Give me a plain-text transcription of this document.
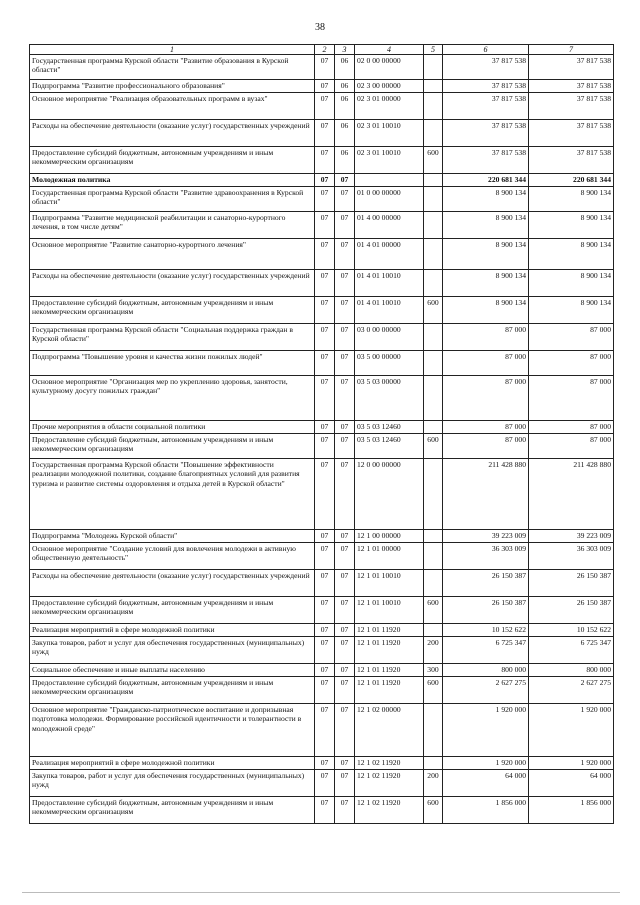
38
1	2	3	4	5	6	7
Государственная программа Курской области "Развитие образования в Курской области"	07	06	02 0 00 00000		37 817 538	37 817 538
Подпрограмма "Развитие профессионального образования"	07	06	02 3 00 00000		37 817 538	37 817 538
Основное мероприятие "Реализация образовательных программ в вузах"	07	06	02 3 01 00000		37 817 538	37 817 538
Расходы на обеспечение деятельности (оказание услуг) государственных учреждений	07	06	02 3 01 10010		37 817 538	37 817 538
Предоставление субсидий бюджетным, автономным учреждениям и иным некоммерческим организациям	07	06	02 3 01 10010	600	37 817 538	37 817 538
Молодежная политика	07	07			220 681 344	220 681 344
Государственная программа Курской области "Развитие здравоохранения в Курской области"	07	07	01 0 00 00000		8 900 134	8 900 134
Подпрограмма "Развитие медицинской реабилитации и санаторно-курортного лечения, в том числе детям"	07	07	01 4 00 00000		8 900 134	8 900 134
Основное мероприятие "Развитие санаторно-курортного лечения"	07	07	01 4 01 00000		8 900 134	8 900 134
Расходы на обеспечение деятельности (оказание услуг) государственных учреждений	07	07	01 4 01 10010		8 900 134	8 900 134
Предоставление субсидий бюджетным, автономным учреждениям и иным некоммерческим организациям	07	07	01 4 01 10010	600	8 900 134	8 900 134
Государственная программа Курской области "Социальная поддержка граждан в Курской области"	07	07	03 0 00 00000		87 000	87 000
Подпрограмма "Повышение уровня и качества жизни пожилых людей"	07	07	03 5 00 00000		87 000	87 000
Основное мероприятие "Организация мер по укреплению здоровья, занятости, культурному досугу пожилых граждан"	07	07	03 5 03 00000		87 000	87 000
Прочие мероприятия в области социальной политики	07	07	03 5 03 12460		87 000	87 000
Предоставление субсидий бюджетным, автономным учреждениям и иным некоммерческим организациям	07	07	03 5 03 12460	600	87 000	87 000
Государственная программа Курской области "Повышение эффективности реализации молодежной политики, создание благоприятных условий для развития туризма и развитие системы оздоровления и отдыха детей в Курской области"	07	07	12 0 00 00000		211 428 880	211 428 880
Подпрограмма "Молодежь Курской области"	07	07	12 1 00 00000		39 223 009	39 223 009
Основное мероприятие "Создание условий для вовлечения молодежи в активную общественную деятельность"	07	07	12 1 01 00000		36 303 009	36 303 009
Расходы на обеспечение деятельности (оказание услуг) государственных учреждений	07	07	12 1 01 10010		26 150 387	26 150 387
Предоставление субсидий бюджетным, автономным учреждениям и иным некоммерческим организациям	07	07	12 1 01 10010	600	26 150 387	26 150 387
Реализация мероприятий в сфере молодежной политики	07	07	12 1 01 11920		10 152 622	10 152 622
Закупка товаров, работ и услуг для обеспечения государственных (муниципальных) нужд	07	07	12 1 01 11920	200	6 725 347	6 725 347
Социальное обеспечение и иные выплаты населению	07	07	12 1 01 11920	300	800 000	800 000
Предоставление субсидий бюджетным, автономным учреждениям и иным некоммерческим организациям	07	07	12 1 01 11920	600	2 627 275	2 627 275
Основное мероприятие "Гражданско-патриотическое воспитание и допризывная подготовка молодежи. Формирование российской идентичности и толерантности в молодежной среде"	07	07	12 1 02 00000		1 920 000	1 920 000
Реализация мероприятий в сфере молодежной политики	07	07	12 1 02 11920		1 920 000	1 920 000
Закупка товаров, работ и услуг для обеспечения государственных (муниципальных) нужд	07	07	12 1 02 11920	200	64 000	64 000
Предоставление субсидий бюджетным, автономным учреждениям и иным некоммерческим организациям	07	07	12 1 02 11920	600	1 856 000	1 856 000
